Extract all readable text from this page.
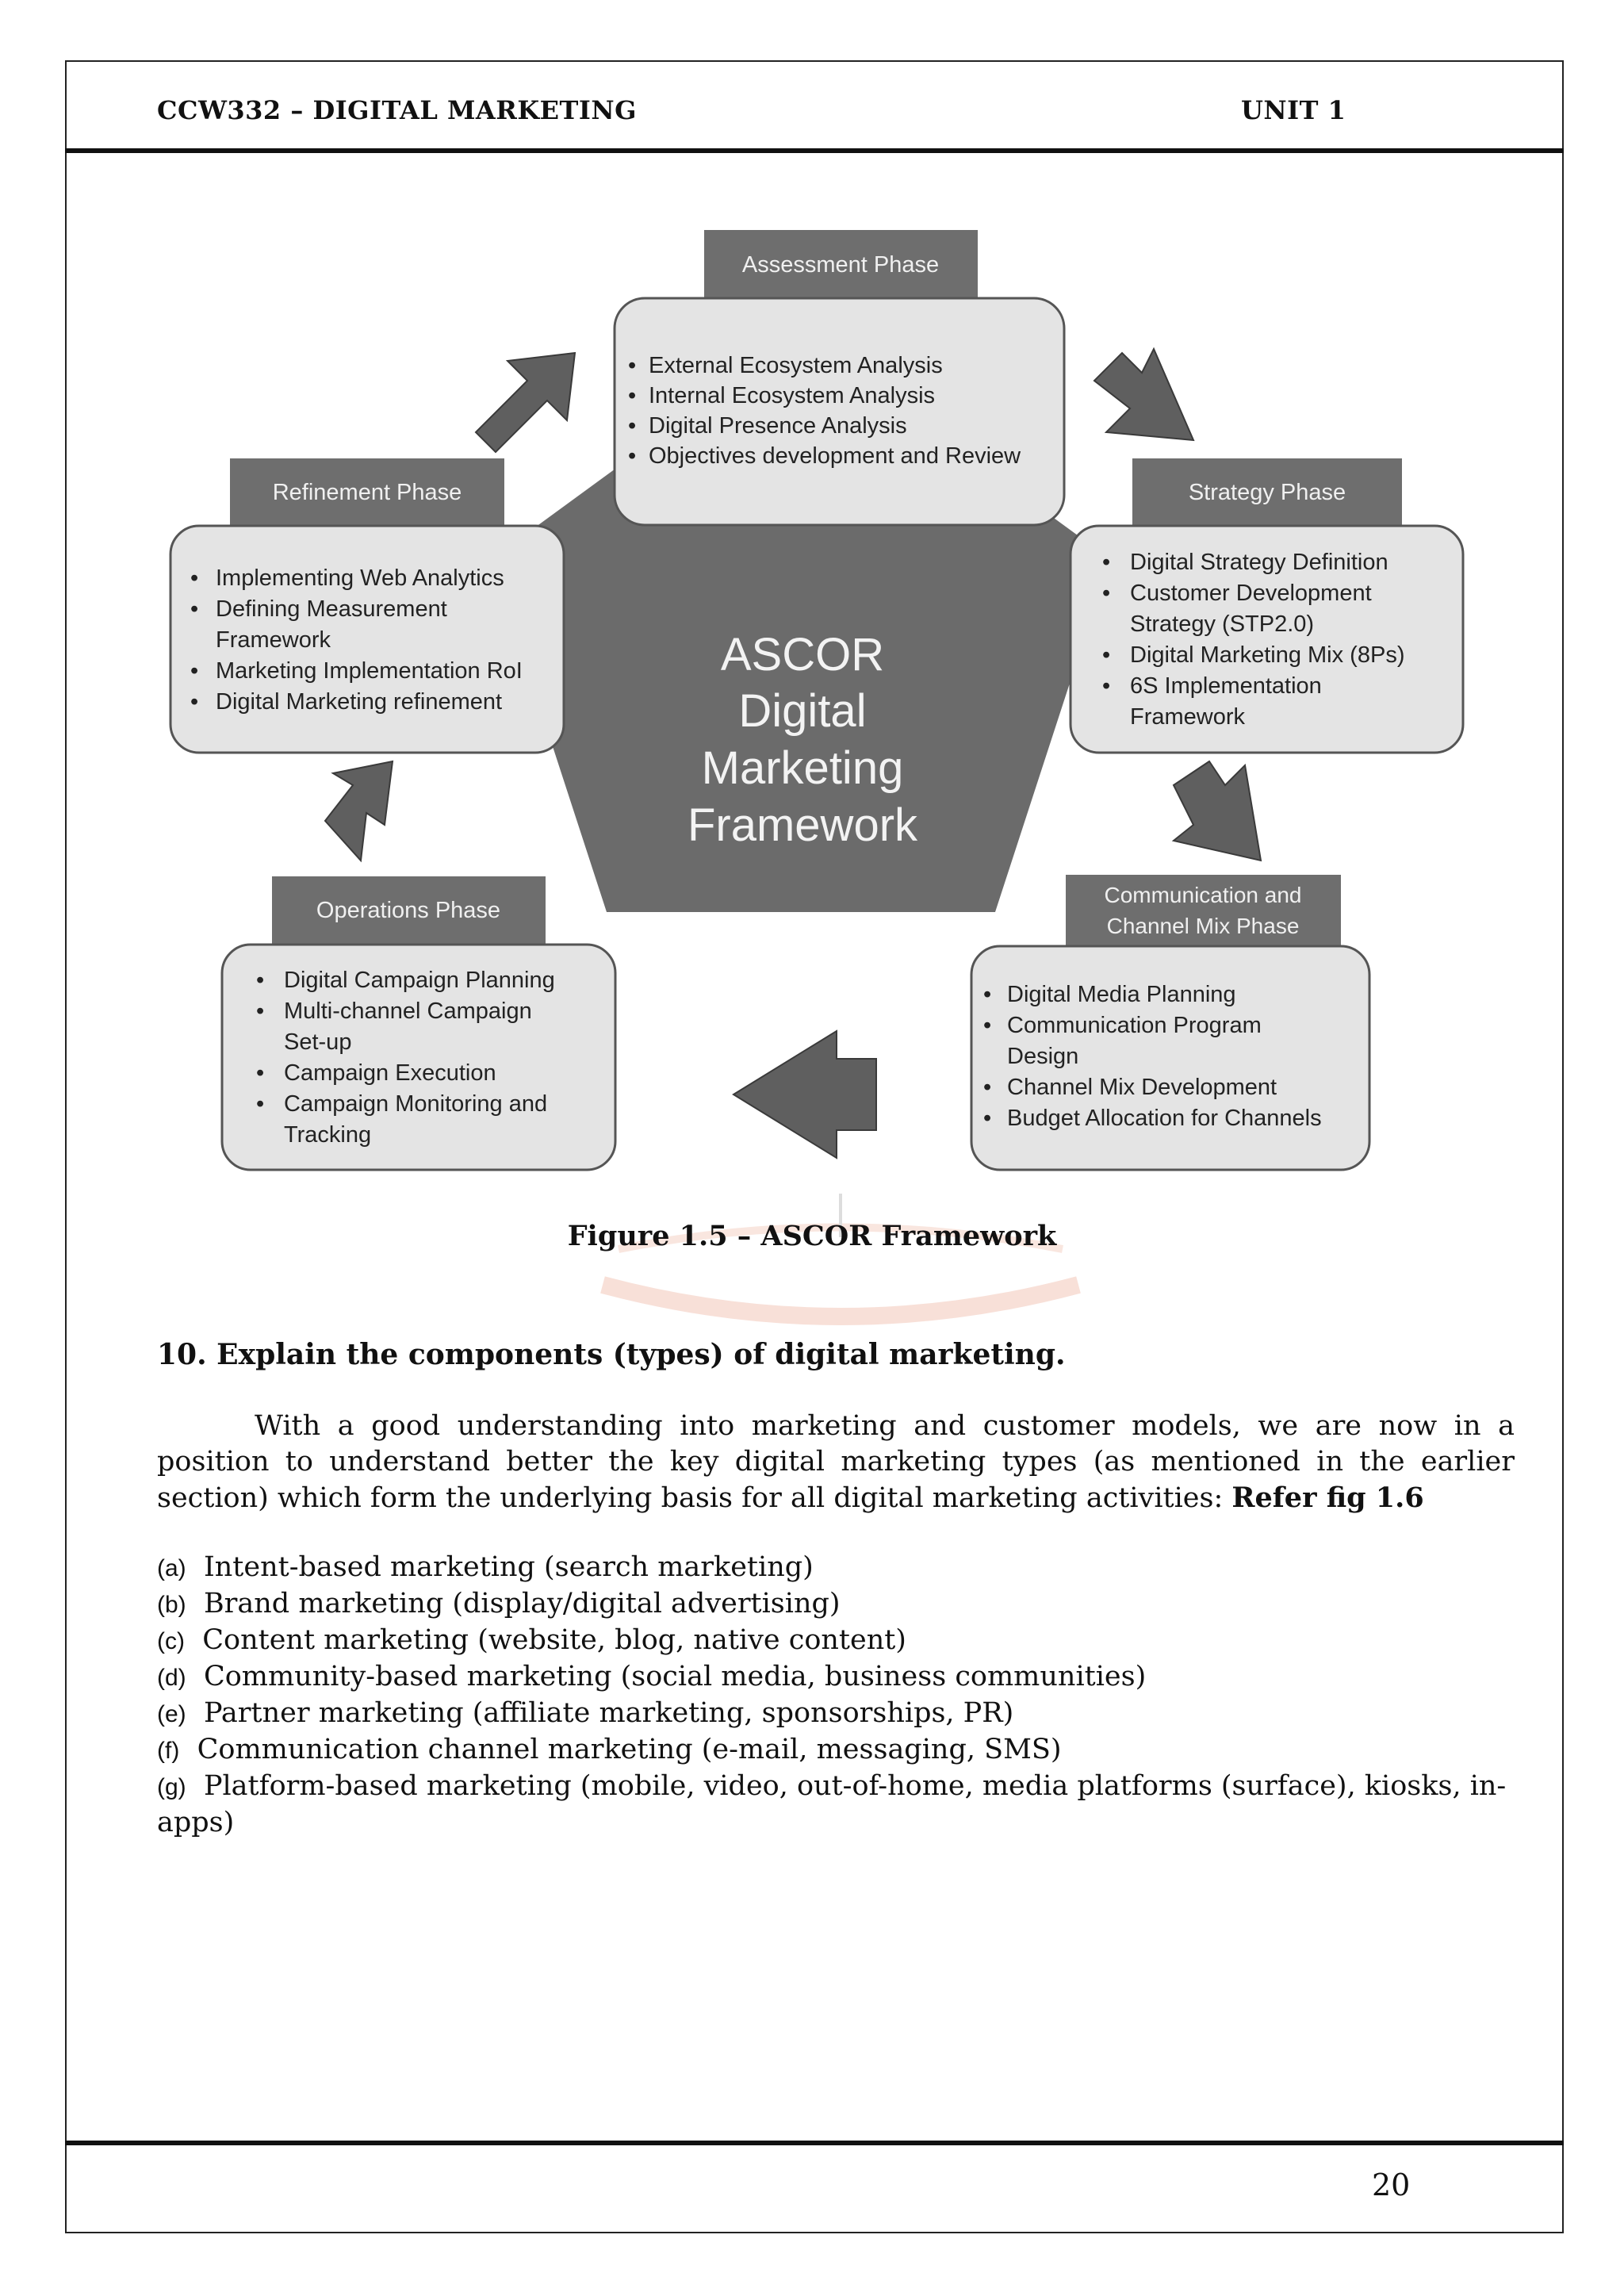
CCW332 – DIGITAL MARKETING	UNIT 1
ASCOR
Digital
Marketing
Framework
Assessment Phase
• External Ecosystem Analysis
• Internal Ecosystem Analysis
• Digital Presence Analysis
• Objectives development and Review
Strategy Phase
• Digital Strategy Definition
• Customer Development
Strategy (STP2.0)
• Digital Marketing Mix (8Ps)
• 6S Implementation
Framework
Communication and
Channel Mix Phase
• Digital Media Planning
• Communication Program
Design
• Channel Mix Development
• Budget Allocation for Channels
Operations Phase
• Digital Campaign Planning
• Multi-channel Campaign
Set-up
• Campaign Execution
• Campaign Monitoring and
Tracking
Refinement Phase
• Implementing Web Analytics
• Defining Measurement
Framework
• Marketing Implementation RoI
• Digital Marketing refinement
Figure 1.5 – ASCOR Framework
10. Explain the components (types) of digital marketing.
With a good understanding into marketing and customer models, we are now in a position to understand better the key digital marketing types (as mentioned in the earlier section) which form the underlying basis for all digital marketing activities: Refer fig 1.6
(a) Intent-based marketing (search marketing)
(b) Brand marketing (display/digital advertising)
(c) Content marketing (website, blog, native content)
(d) Community-based marketing (social media, business communities)
(e) Partner marketing (affiliate marketing, sponsorships, PR)
(f) Communication channel marketing (e-mail, messaging, SMS)
(g) Platform-based marketing (mobile, video, out-of-home, media platforms (surface), kiosks, in-apps)
20
